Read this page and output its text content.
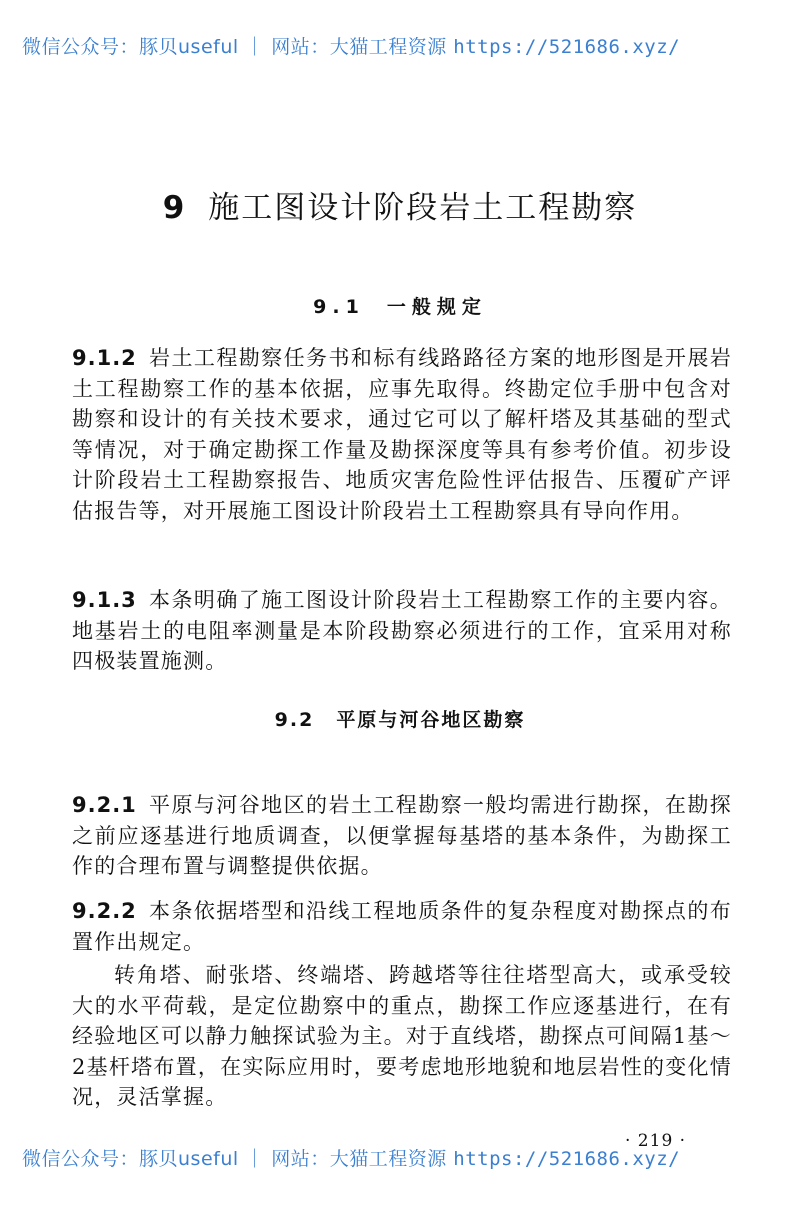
微信公众号：豚贝useful ｜ 网站：大猫工程资源 https://521686.xyz/
9 施工图设计阶段岩土工程勘察
9.1 一般规定

9.1.2 岩土工程勘察任务书和标有线路路径方案的地形图是开展岩土工程勘察工作的基本依据，应事先取得。终勘定位手册中包含对勘察和设计的有关技术要求，通过它可以了解杆塔及其基础的型式等情况，对于确定勘探工作量及勘探深度等具有参考价值。初步设计阶段岩土工程勘察报告、地质灾害危险性评估报告、压覆矿产评估报告等，对开展施工图设计阶段岩土工程勘察具有导向作用。

9.1.3 本条明确了施工图设计阶段岩土工程勘察工作的主要内容。地基岩土的电阻率测量是本阶段勘察必须进行的工作，宜采用对称四极装置施测。

9.2 平原与河谷地区勘察

9.2.1 平原与河谷地区的岩土工程勘察一般均需进行勘探，在勘探之前应逐基进行地质调查，以便掌握每基塔的基本条件，为勘探工作的合理布置与调整提供依据。

9.2.2 本条依据塔型和沿线工程地质条件的复杂程度对勘探点的布置作出规定。

转角塔、耐张塔、终端塔、跨越塔等往往塔型高大，或承受较大的水平荷载，是定位勘察中的重点，勘探工作应逐基进行，在有经验地区可以静力触探试验为主。对于直线塔，勘探点可间隔1基～2基杆塔布置，在实际应用时，要考虑地形地貌和地层岩性的变化情况，灵活掌握。

· 219 ·
微信公众号：豚贝useful ｜ 网站：大猫工程资源 https://521686.xyz/
